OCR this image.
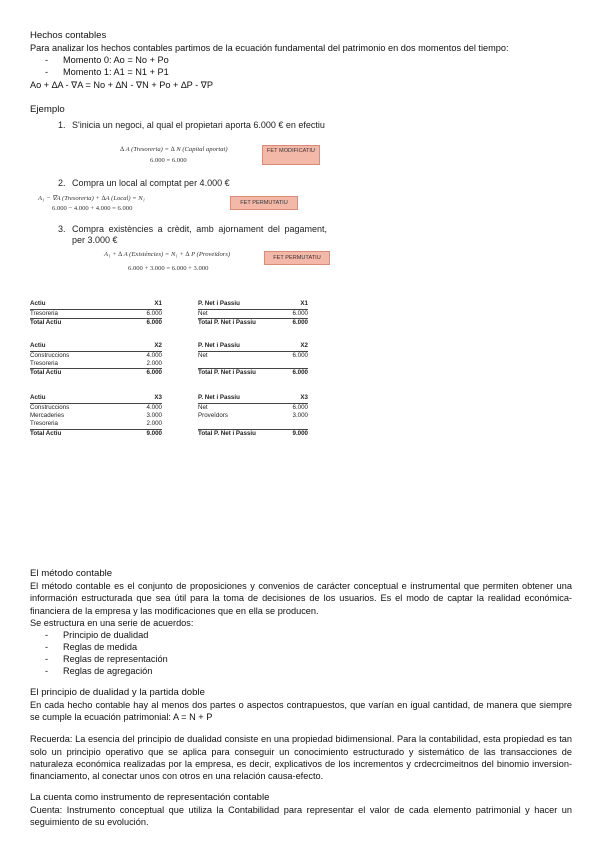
Hechos contables

Para analizar los hechos contables partimos de la ecuación fundamental del patrimonio en dos momentos del tiempo:

- Momento 0: Ao = No + Po
- Momento 1: A1 = N1 + P1
Ao + ∆A - ∇A = No + ∆N - ∇N + Po + ∆P - ∇P
Ejemplo
1. S'inicia un negoci, al qual el propietari aporta 6.000 € en efectiu
∆ A (Tresoreria) = ∆ N (Capital aportat)
6.000 = 6.000
FET MODIFICATIU
2. Compra un local al comptat per 4.000 €
A₁ − ∇A (Tresoreria) + ∆A (Local) = N₁
6.000 − 4.000 + 4.000 = 6.000
FET PERMUTATIU
3. Compra existències a crèdit, amb ajornament del pagament, per 3.000 €
A₁ + ∆ A (Existències) = N₁ + ∆ P (Proveïdors)
6.000 + 3.000 = 6.000 + 3.000
FET PERMUTATIU
Actiu	X1
Tresoreria	6.000
Total Actiu	6.000
P. Net i Passiu	X1
Net	6.000
Total P. Net i Passiu	6.000
Actiu	X2
Construccions	4.000
Tresoreria	2.000
Total Actiu	6.000
P. Net i Passiu	X2
Net	6.000

Total P. Net i Passiu	6.000
Actiu	X3
Construccions	4.000
Mercaderies	3.000
Tresoreria	2.000
Total Actiu	9.000
P. Net i Passiu	X3
Net	6.000
Proveïdors	3.000

Total P. Net i Passiu	9.000
El método contable

El método contable es el conjunto de proposiciones y convenios de carácter conceptual e instrumental que permiten obtener una información estructurada que sea útil para la toma de decisiones de los usuarios. Es el modo de captar la realidad económica-financiera de la empresa y las modificaciones que en ella se producen.

Se estructura en una serie de acuerdos:

- Principio de dualidad
- Reglas de medida
- Reglas de representación
- Reglas de agregación
El principio de dualidad y la partida doble

En cada hecho contable hay al menos dos partes o aspectos contrapuestos, que varían en igual cantidad, de manera que siempre se cumple la ecuación patrimonial: A = N + P

Recuerda: La esencia del principio de dualidad consiste en una propiedad bidimensional. Para la contabilidad, esta propiedad es tan solo un principio operativo que se aplica para conseguir un conocimiento estructurado y sistemático de las transacciones de naturaleza económica realizadas por la empresa, es decir, explicativos de los incrementos y crdecrcimeitnos del binomio inversion-financiamento, al conectar unos con otros en una relación causa-efecto.

La cuenta como instrumento de representación contable

Cuenta: Instrumento conceptual que utiliza la Contabilidad para representar el valor de cada elemento patrimonial y hacer un seguimiento de su evolución.
